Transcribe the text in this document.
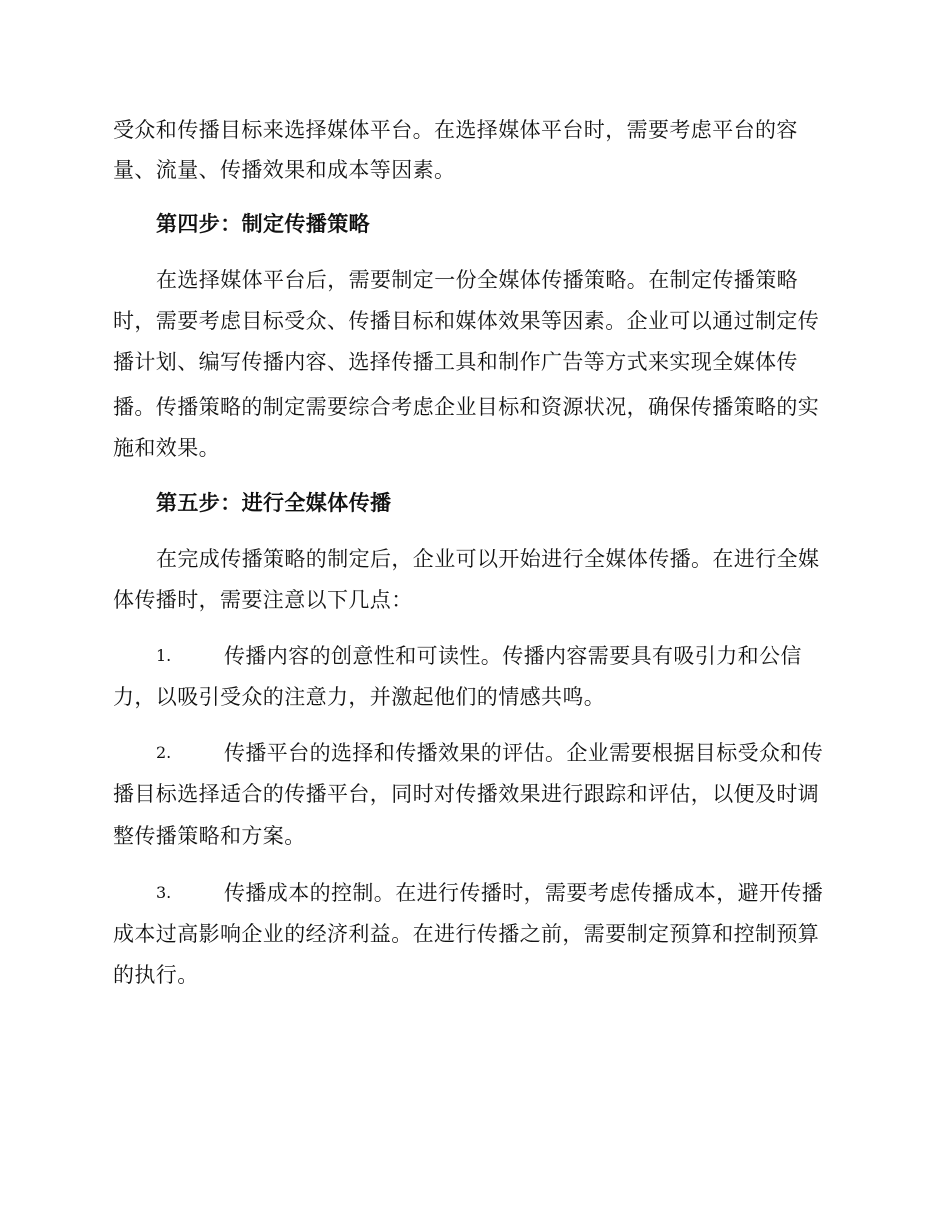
受众和传播目标来选择媒体平台。在选择媒体平台时，需要考虑平台的容
量、流量、传播效果和成本等因素。
第四步：制定传播策略
在选择媒体平台后，需要制定一份全媒体传播策略。在制定传播策略
时，需要考虑目标受众、传播目标和媒体效果等因素。企业可以通过制定传
播计划、编写传播内容、选择传播工具和制作广告等方式来实现全媒体传
播。传播策略的制定需要综合考虑企业目标和资源状况，确保传播策略的实
施和效果。
第五步：进行全媒体传播
在完成传播策略的制定后，企业可以开始进行全媒体传播。在进行全媒
体传播时，需要注意以下几点：
1.	传播内容的创意性和可读性。传播内容需要具有吸引力和公信
力，以吸引受众的注意力，并激起他们的情感共鸣。
2.	传播平台的选择和传播效果的评估。企业需要根据目标受众和传
播目标选择适合的传播平台，同时对传播效果进行跟踪和评估，以便及时调
整传播策略和方案。
3.	传播成本的控制。在进行传播时，需要考虑传播成本，避开传播
成本过高影响企业的经济利益。在进行传播之前，需要制定预算和控制预算
的执行。
